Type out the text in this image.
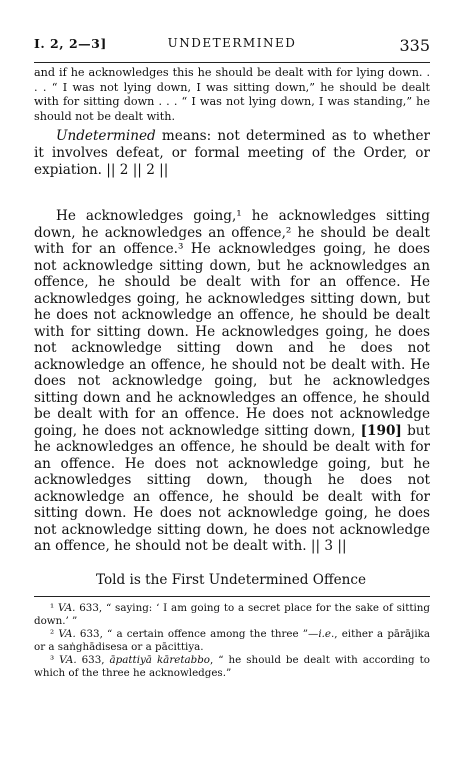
I. 2, 2—3]	UNDETERMINED	335

and if he acknowledges this he should be dealt with for lying down. . . . “ I was not lying down, I was sitting down,” he should be dealt with for sitting down . . . “ I was not lying down, I was standing,” he should not be dealt with.

Undetermined means: not determined as to whether it involves defeat, or formal meeting of the Order, or expiation. || 2 || 2 ||

He acknowledges going,¹ he acknowledges sitting down, he acknowledges an offence,² he should be dealt with for an offence.³ He acknowledges going, he does not acknowledge sitting down, but he acknowledges an offence, he should be dealt with for an offence. He acknowledges going, he acknowledges sitting down, but he does not acknowledge an offence, he should be dealt with for sitting down. He acknowledges going, he does not acknowledge sitting down and he does not acknowledge an offence, he should not be dealt with. He does not acknowledge going, but he acknowledges sitting down and he acknowledges an offence, he should be dealt with for an offence. He does not acknowledge going, he does not acknowledge sitting down, [190] but he acknowledges an offence, he should be dealt with for an offence. He does not acknowledge going, but he acknowledges sitting down, though he does not acknowledge an offence, he should be dealt with for sitting down. He does not acknowledge going, he does not acknowledge sitting down, he does not acknowledge an offence, he should not be dealt with. || 3 ||

Told is the First Undetermined Offence

¹ VA. 633, “ saying: ‘ I am going to a secret place for the sake of sitting down.’ ”

² VA. 633, “ a certain offence among the three ”—i.e., either a pārājika or a saṅghādisesa or a pācittiya.

³ VA. 633, āpattiyā kāretabbo, “ he should be dealt with according to which of the three he acknowledges.”
